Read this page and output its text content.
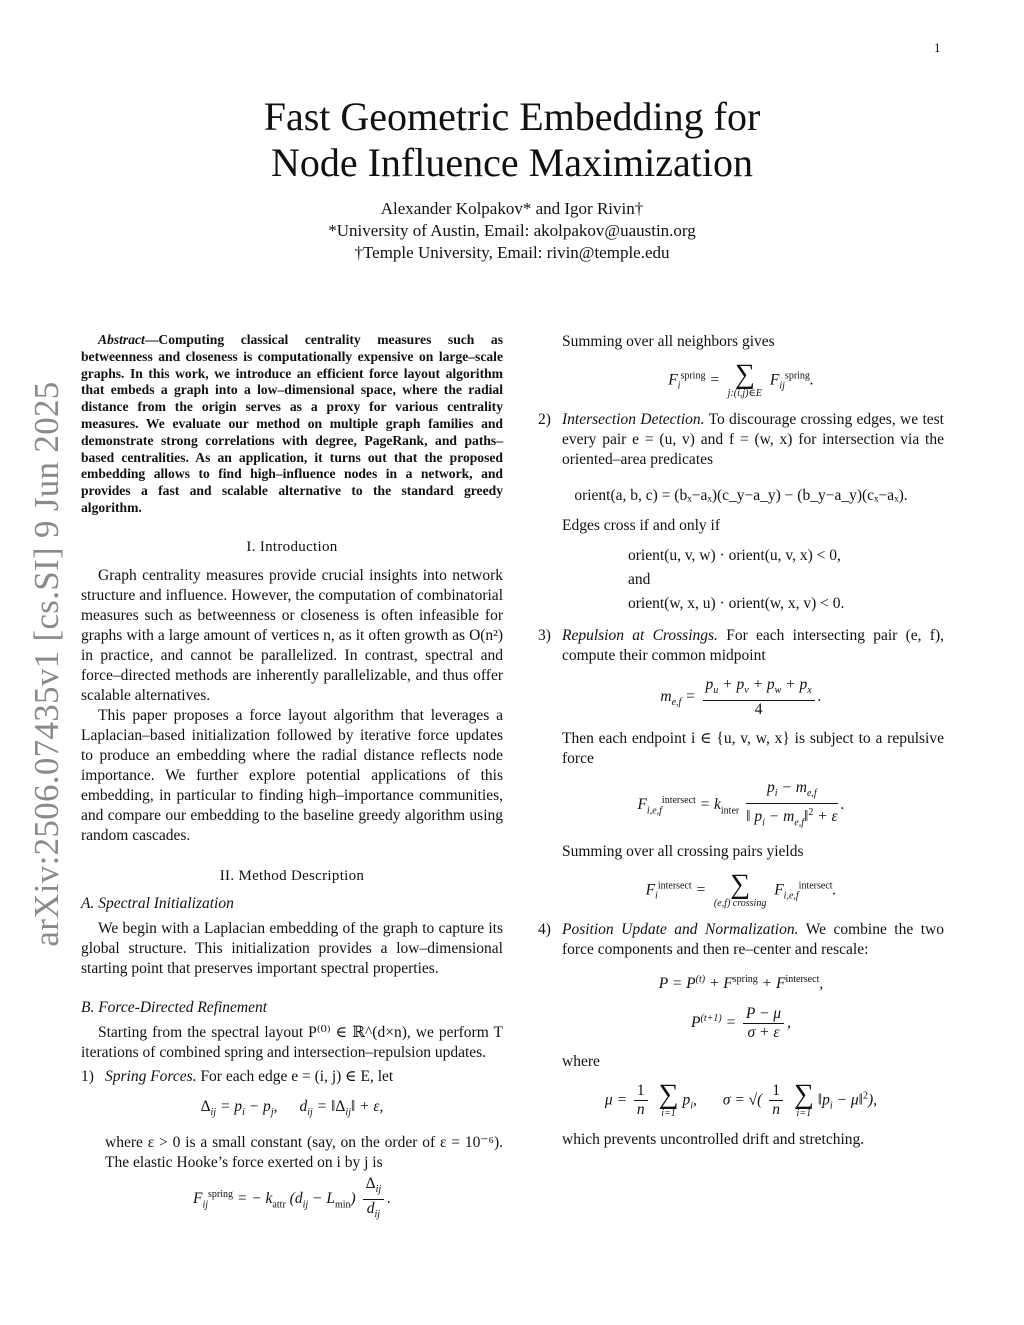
1
arXiv:2506.07435v1 [cs.SI] 9 Jun 2025
Fast Geometric Embedding for
Node Influence Maximization
Alexander Kolpakov* and Igor Rivin†
*University of Austin, Email: akolpakov@uaustin.org
†Temple University, Email: rivin@temple.edu

Abstract—Computing classical centrality measures such as betweenness and closeness is computationally expensive on large–scale graphs. In this work, we introduce an efficient force layout algorithm that embeds a graph into a low–dimensional space, where the radial distance from the origin serves as a proxy for various centrality measures. We evaluate our method on multiple graph families and demonstrate strong correlations with degree, PageRank, and paths–based centralities. As an application, it turns out that the proposed embedding allows to find high–influence nodes in a network, and provides a fast and scalable alternative to the standard greedy algorithm.

I. Introduction

Graph centrality measures provide crucial insights into network structure and influence. However, the computation of combinatorial measures such as betweenness or closeness is often infeasible for graphs with a large amount of vertices n, as it often growth as O(n²) in practice, and cannot be parallelized. In contrast, spectral and force–directed methods are inherently parallelizable, and thus offer scalable alternatives.

This paper proposes a force layout algorithm that leverages a Laplacian–based initialization followed by iterative force updates to produce an embedding where the radial distance reflects node importance. We further explore potential applications of this embedding, in particular to finding high–importance communities, and compare our embedding to the baseline greedy algorithm using random cascades.

II. Method Description
A. Spectral Initialization

We begin with a Laplacian embedding of the graph to capture its global structure. This initialization provides a low–dimensional starting point that preserves important spectral properties.

B. Force-Directed Refinement

Starting from the spectral layout P⁽⁰⁾ ∈ ℝ^(d×n), we perform T iterations of combined spring and intersection–repulsion updates.

1) Spring Forces. For each edge e = (i, j) ∈ E, let
$\Delta_{ij} = p_i - p_j$, $d_{ij}$ = $‖\Delta_{ij}‖ + \varepsilon$,
where ε > 0 is a small constant (say, on the order of ε = 10⁻⁶). The elastic Hooke’s force exerted on i by j is
$F_{ij}^{spring}$ = − $k_{attr}$ $(d_{ij} - L_{min}) \frac{\Delta_{ij}}{d_{ij}}$ .
Summing over all neighbors gives
$F_i^{spring}$ = ∑
j:(i,j)∈E
$F_{ij}^{spring}$.
2) Intersection Detection. To discourage crossing edges, we test every pair e = (u, v) and f = (w, x) for intersection via the oriented–area predicates
orient(a, b, c) = (bₓ−aₓ)(c_y−a_y) − (b_y−a_y)(cₓ−aₓ).
Edges cross if and only if
orient(u, v, w) · orient(u, v, x) < 0,
and
orient(w, x, u) · orient(w, x, v) < 0.
3) Repulsion at Crossings. For each intersecting pair (e, f), compute their common midpoint
$m_{e,f} = \frac{p_u + p_v + p_w + p_x}{4}$ .
Then each endpoint i ∈ {u, v, w, x} is subject to a repulsive force
$F_{i,e,f}^{intersect} = k_{inter} \frac{p_i - m_{e,f}}{‖ p_i - m_{e,f}‖^2 + \varepsilon}$ .
Summing over all crossing pairs yields
$F_i^{intersect}$ = ∑
(e,f) crossing
$F_{i,e,f}^{intersect}$.
4) Position Update and Normalization. We combine the two force components and then re–center and rescale:
$P = P^{(t)} + F^{spring} + F^{intersect}$,
$P^{(t+1)} = \frac{P - \mu}{\sigma + \varepsilon}$ ,
where
$\mu = \frac{1}{n}$
∑
i=1
$p_i$, σ = √( $\frac{1}{n}$
∑
i=1
$‖p_i$ − μ‖$^2$),
which prevents uncontrolled drift and stretching.
